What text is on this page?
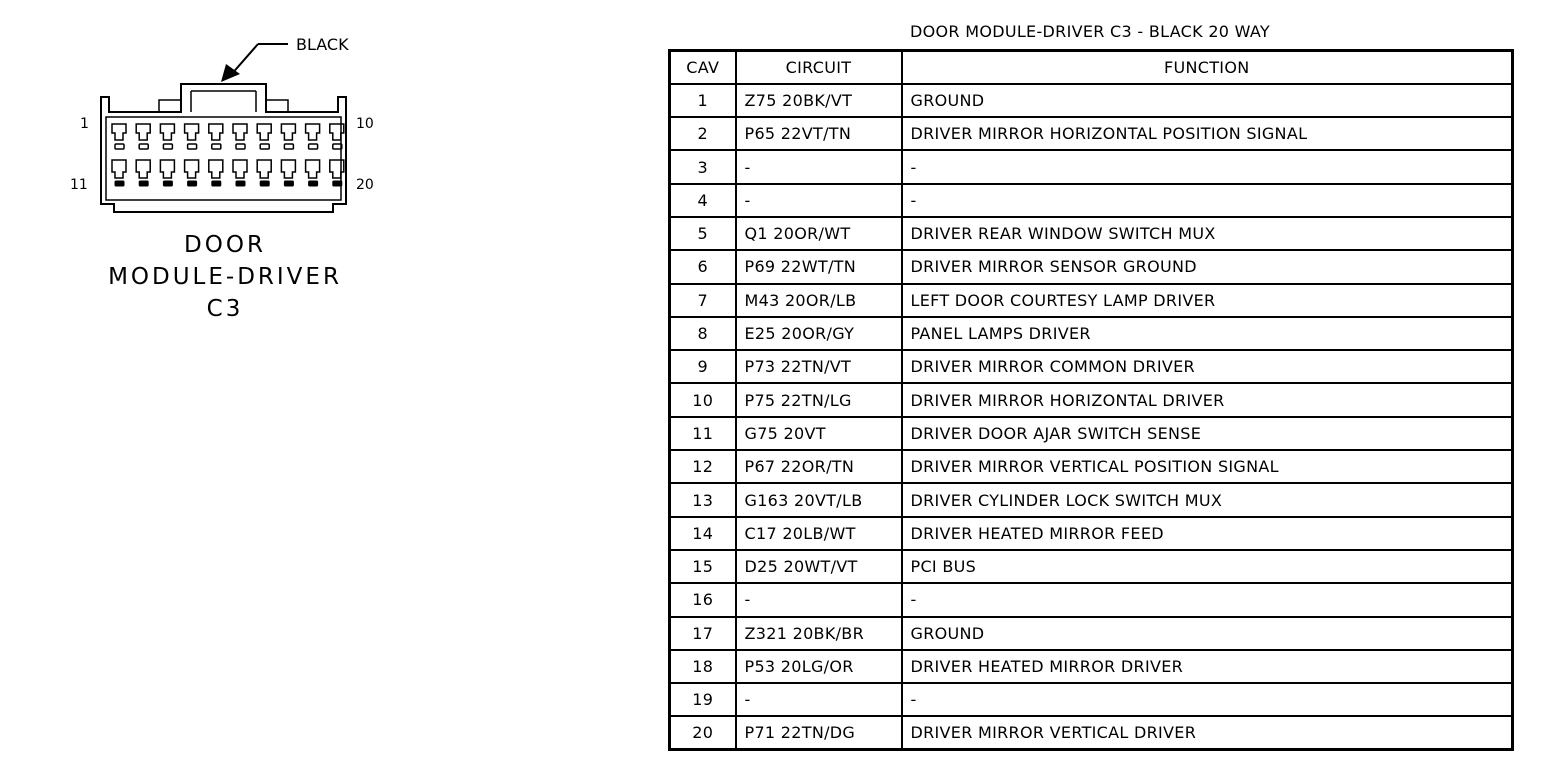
BLACK
1	10
11	20
DOOR
MODULE-DRIVER
C3
DOOR MODULE-DRIVER C3 - BLACK 20 WAY
CAV	CIRCUIT	FUNCTION
1	Z75 20BK/VT	GROUND
2	P65 22VT/TN	DRIVER MIRROR HORIZONTAL POSITION SIGNAL
3	-	-
4	-	-
5	Q1 20OR/WT	DRIVER REAR WINDOW SWITCH MUX
6	P69 22WT/TN	DRIVER MIRROR SENSOR GROUND
7	M43 20OR/LB	LEFT DOOR COURTESY LAMP DRIVER
8	E25 20OR/GY	PANEL LAMPS DRIVER
9	P73 22TN/VT	DRIVER MIRROR COMMON DRIVER
10	P75 22TN/LG	DRIVER MIRROR HORIZONTAL DRIVER
11	G75 20VT	DRIVER DOOR AJAR SWITCH SENSE
12	P67 22OR/TN	DRIVER MIRROR VERTICAL POSITION SIGNAL
13	G163 20VT/LB	DRIVER CYLINDER LOCK SWITCH MUX
14	C17 20LB/WT	DRIVER HEATED MIRROR FEED
15	D25 20WT/VT	PCI BUS
16	-	-
17	Z321 20BK/BR	GROUND
18	P53 20LG/OR	DRIVER HEATED MIRROR DRIVER
19	-	-
20	P71 22TN/DG	DRIVER MIRROR VERTICAL DRIVER
